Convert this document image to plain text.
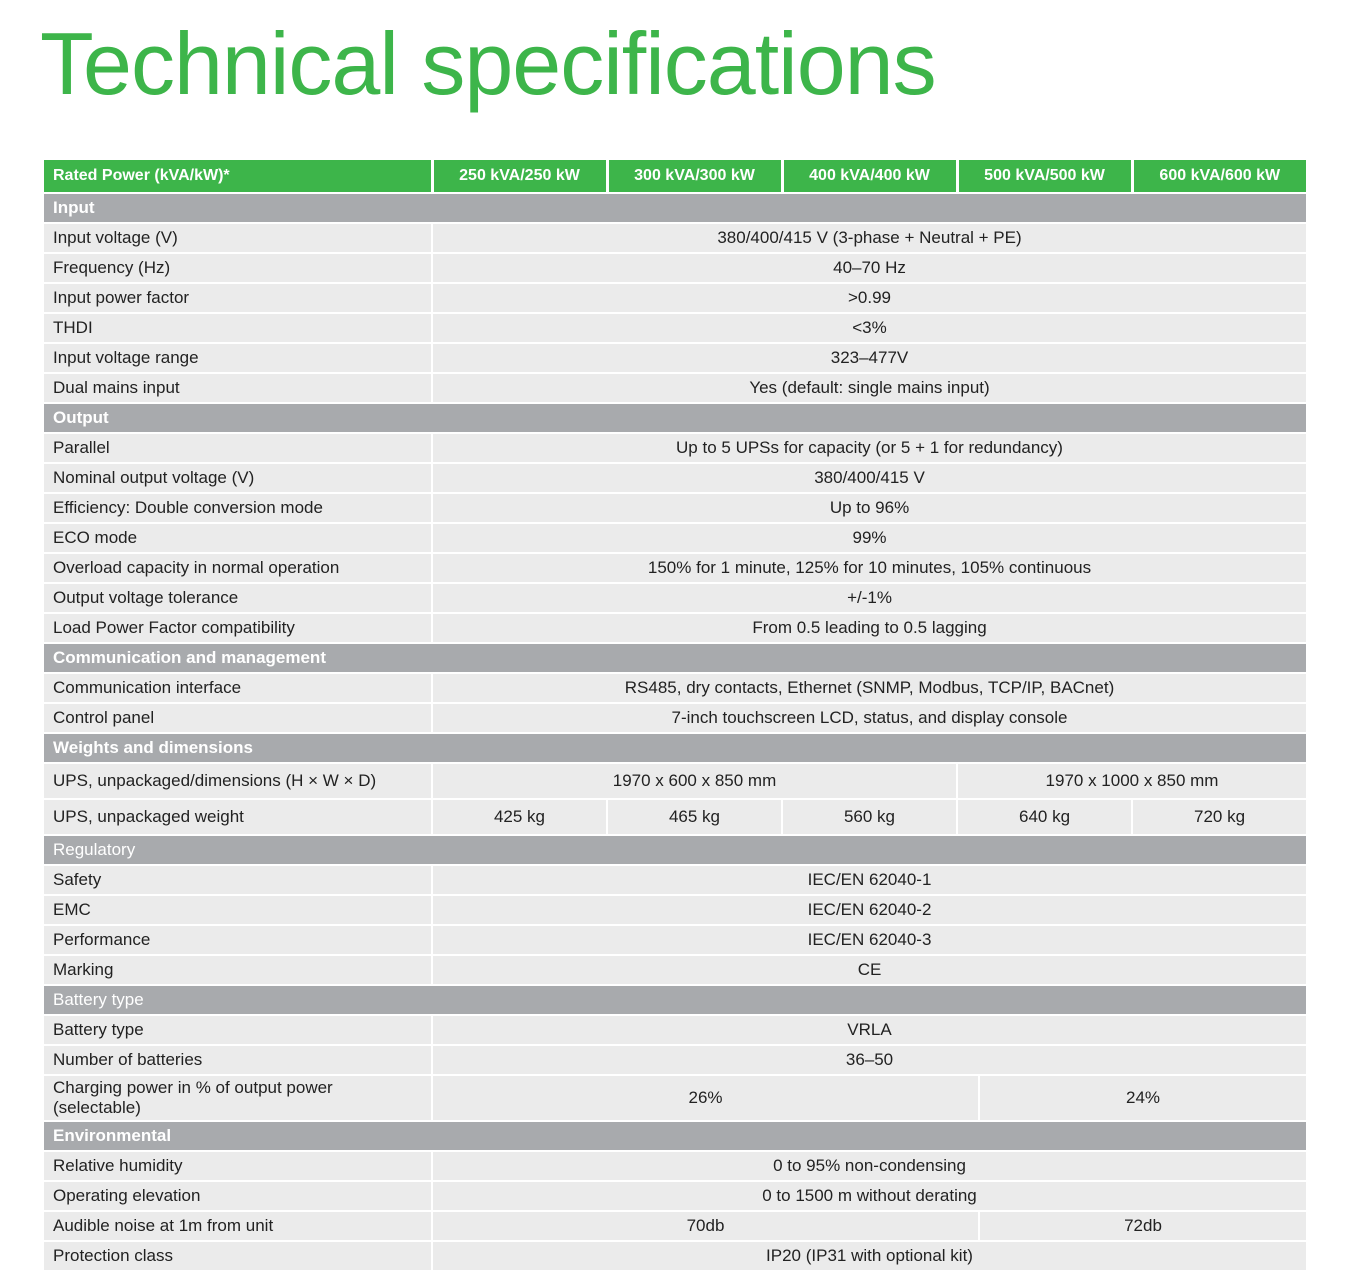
Technical specifications
Rated Power (kVA/kW)*	250 kVA/250 kW	300 kVA/300 kW	400 kVA/400 kW	500 kVA/500 kW		600 kVA/600 kW
Input						
Input voltage (V)	380/400/415 V (3-phase + Neutral + PE)					
Frequency (Hz)	40–70 Hz					
Input power factor	>0.99					
THDI	<3%					
Input voltage range	323–477V					
Dual mains input	Yes (default: single mains input)					
Output						
Parallel	Up to 5 UPSs for capacity (or 5 + 1 for redundancy)					
Nominal output voltage (V)	380/400/415 V					
Efficiency: Double conversion mode	Up to 96%					
ECO mode	99%					
Overload capacity in normal operation	150% for 1 minute, 125% for 10 minutes, 105% continuous					
Output voltage tolerance	+/-1%					
Load Power Factor compatibility	From 0.5 leading to 0.5 lagging					
Communication and management						
Communication interface	RS485, dry contacts, Ethernet (SNMP, Modbus, TCP/IP, BACnet)					
Control panel	7-inch touchscreen LCD, status, and display console					
Weights and dimensions						
UPS, unpackaged/dimensions (H × W × D)	1970 x 600 x 850 mm			1970 x 1000 x 850 mm		
UPS, unpackaged weight	425 kg	465 kg	560 kg	640 kg		720 kg
Regulatory						
Safety	IEC/EN 62040-1					
EMC	IEC/EN 62040-2					
Performance	IEC/EN 62040-3					
Marking	CE					
Battery type						
Battery type	VRLA					
Number of batteries	36–50					
Charging power in % of output power (selectable)	26%				24%	
Environmental						
Relative humidity	0 to 95% non-condensing					
Operating elevation	0 to 1500 m without derating					
Audible noise at 1m from unit	70db				72db	
Protection class	IP20 (IP31 with optional kit)					
